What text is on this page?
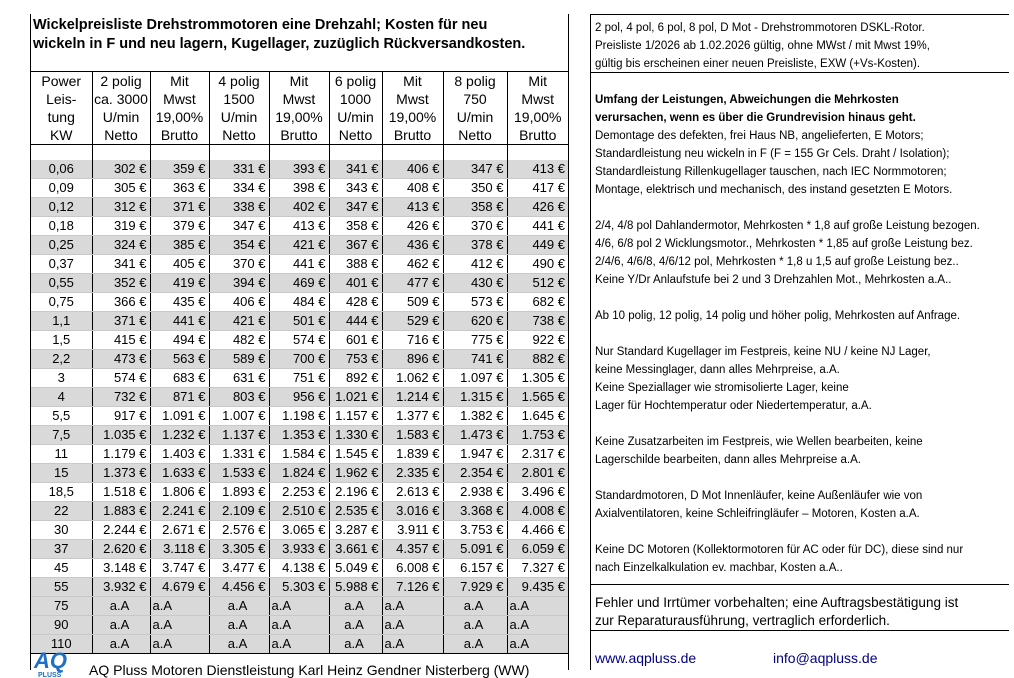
Wickelpreisliste Drehstrommotoren eine Drehzahl; Kosten für neu
wickeln in F und neu lagern, Kugellager, zuzüglich Rückversandkosten.
Power	2 polig	Mit	4 polig	Mit	6 polig	Mit	8 polig	Mit
Leis-	ca. 3000	Mwst	1500	Mwst	1000	Mwst	750	Mwst
tung	U/min	19,00%	U/min	19,00%	U/min	19,00%	U/min	19,00%
KW	Netto	Brutto	Netto	Brutto	Netto	Brutto	Netto	Brutto

0,06	302 €	359 €	331 €	393 €	341 €	406 €	347 €	413 €
0,09	305 €	363 €	334 €	398 €	343 €	408 €	350 €	417 €
0,12	312 €	371 €	338 €	402 €	347 €	413 €	358 €	426 €
0,18	319 €	379 €	347 €	413 €	358 €	426 €	370 €	441 €
0,25	324 €	385 €	354 €	421 €	367 €	436 €	378 €	449 €
0,37	341 €	405 €	370 €	441 €	388 €	462 €	412 €	490 €
0,55	352 €	419 €	394 €	469 €	401 €	477 €	430 €	512 €
0,75	366 €	435 €	406 €	484 €	428 €	509 €	573 €	682 €
1,1	371 €	441 €	421 €	501 €	444 €	529 €	620 €	738 €
1,5	415 €	494 €	482 €	574 €	601 €	716 €	775 €	922 €
2,2	473 €	563 €	589 €	700 €	753 €	896 €	741 €	882 €
3	574 €	683 €	631 €	751 €	892 €	1.062 €	1.097 €	1.305 €
4	732 €	871 €	803 €	956 €	1.021 €	1.214 €	1.315 €	1.565 €
5,5	917 €	1.091 €	1.007 €	1.198 €	1.157 €	1.377 €	1.382 €	1.645 €
7,5	1.035 €	1.232 €	1.137 €	1.353 €	1.330 €	1.583 €	1.473 €	1.753 €
11	1.179 €	1.403 €	1.331 €	1.584 €	1.545 €	1.839 €	1.947 €	2.317 €
15	1.373 €	1.633 €	1.533 €	1.824 €	1.962 €	2.335 €	2.354 €	2.801 €
18,5	1.518 €	1.806 €	1.893 €	2.253 €	2.196 €	2.613 €	2.938 €	3.496 €
22	1.883 €	2.241 €	2.109 €	2.510 €	2.535 €	3.016 €	3.368 €	4.008 €
30	2.244 €	2.671 €	2.576 €	3.065 €	3.287 €	3.911 €	3.753 €	4.466 €
37	2.620 €	3.118 €	3.305 €	3.933 €	3.661 €	4.357 €	5.091 €	6.059 €
45	3.148 €	3.747 €	3.477 €	4.138 €	5.049 €	6.008 €	6.157 €	7.327 €
55	3.932 €	4.679 €	4.456 €	5.303 €	5.988 €	7.126 €	7.929 €	9.435 €
75	a.A	a.A	a.A	a.A	a.A	a.A	a.A	a.A
90	a.A	a.A	a.A	a.A	a.A	a.A	a.A	a.A
110	a.A	a.A	a.A	a.A	a.A	a.A	a.A	a.A
AQ
PLUSS AQ Pluss Motoren Dienstleistung Karl Heinz Gendner Nisterberg (WW)
2 pol, 4 pol, 6 pol, 8 pol, D Mot - Drehstrommotoren DSKL-Rotor.
Preisliste 1/2026 ab 1.02.2026 gültig, ohne MWst / mit Mwst 19%,
gültig bis erscheinen einer neuen Preisliste, EXW (+Vs-Kosten).
Umfang der Leistungen, Abweichungen die Mehrkosten
verursachen, wenn es über die Grundrevision hinaus geht.
Demontage des defekten, frei Haus NB, angelieferten, E Motors;
Standardleistung neu wickeln in F (F = 155 Gr Cels. Draht / Isolation);
Standardleistung Rillenkugellager tauschen, nach IEC Normmotoren;
Montage, elektrisch und mechanisch, des instand gesetzten E Motors.
2/4, 4/8 pol Dahlandermotor, Mehrkosten * 1,8 auf große Leistung bezogen.
4/6, 6/8 pol 2 Wicklungsmotor., Mehrkosten * 1,85 auf große Leistung bez.
2/4/6, 4/6/8, 4/6/12 pol, Mehrkosten * 1,8 u 1,5 auf große Leistung bez..
Keine Y/Dr Anlaufstufe bei 2 und 3 Drehzahlen Mot., Mehrkosten a.A..
Ab 10 polig, 12 polig, 14 polig und höher polig, Mehrkosten auf Anfrage.
Nur Standard Kugellager im Festpreis, keine NU / keine NJ Lager,
keine Messinglager, dann alles Mehrpreise, a.A.
Keine Speziallager wie stromisolierte Lager, keine
Lager für Hochtemperatur oder Niedertemperatur, a.A.
Keine Zusatzarbeiten im Festpreis, wie Wellen bearbeiten, keine
Lagerschilde bearbeiten, dann alles Mehrpreise a.A.
Standardmotoren, D Mot Innenläufer, keine Außenläufer wie von
Axialventilatoren, keine Schleifringläufer – Motoren, Kosten a.A.
Keine DC Motoren (Kollektormotoren für AC oder für DC), diese sind nur
nach Einzelkalkulation ev. machbar, Kosten a.A..
Fehler und Irrtümer vorbehalten; eine Auftragsbestätigung ist
zur Reparaturausführung, vertraglich erforderlich.
www.aqpluss.de	info@aqpluss.de
